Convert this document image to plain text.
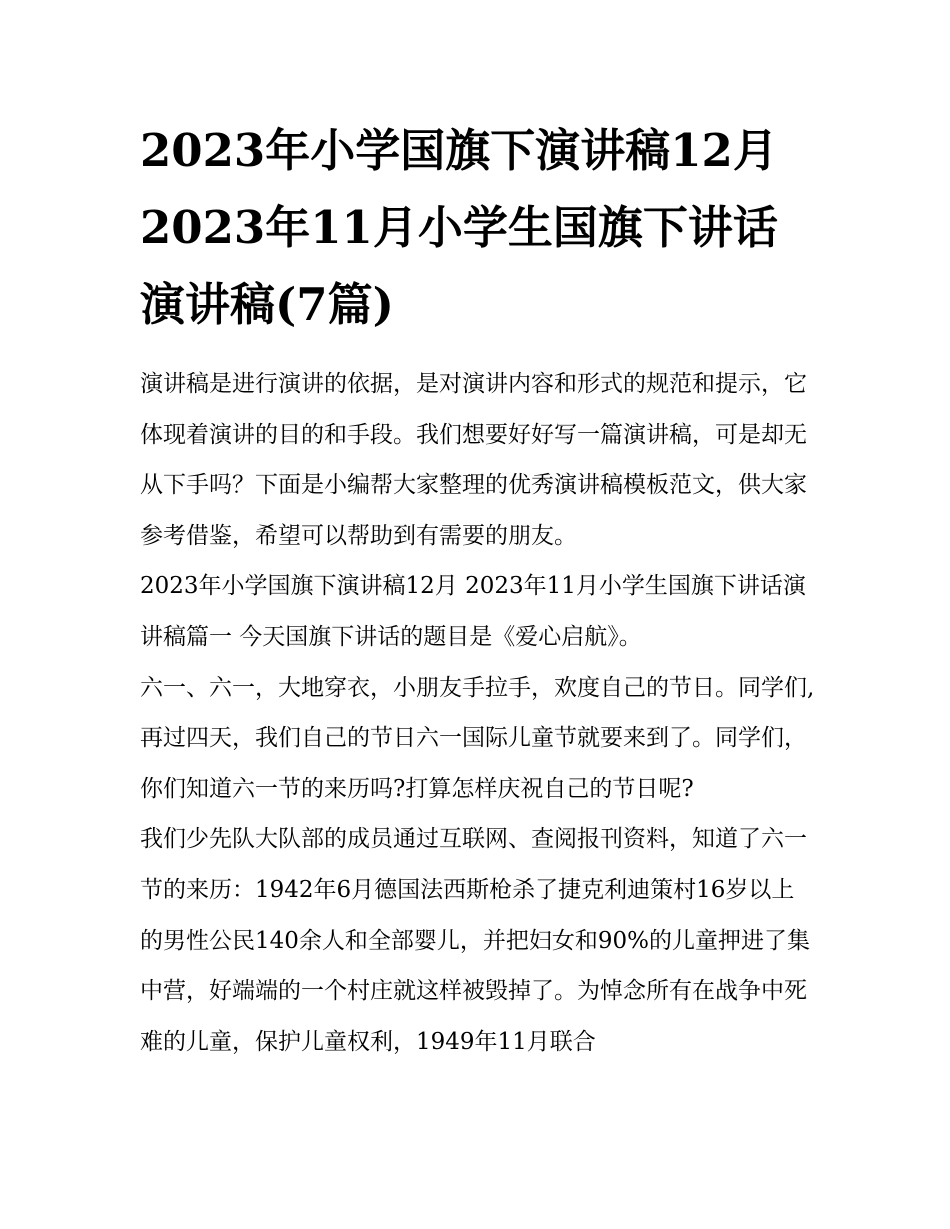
2023年小学国旗下演讲稿12月 2023年11月小学生国旗下讲话演讲稿(7篇)

演讲稿是进行演讲的依据，是对演讲内容和形式的规范和提示，它体现着演讲的目的和手段。我们想要好好写一篇演讲稿，可是却无从下手吗？下面是小编帮大家整理的优秀演讲稿模板范文，供大家参考借鉴，希望可以帮助到有需要的朋友。

2023年小学国旗下演讲稿12月 2023年11月小学生国旗下讲话演讲稿篇一 今天国旗下讲话的题目是《爱心启航》。

六一、六一，大地穿衣，小朋友手拉手，欢度自己的节日。同学们,再过四天，我们自己的节日六一国际儿童节就要来到了。同学们，你们知道六一节的来历吗?打算怎样庆祝自己的节日呢?

我们少先队大队部的成员通过互联网、查阅报刊资料，知道了六一节的来历：1942年6月德国法西斯枪杀了捷克利迪策村16岁以上的男性公民140余人和全部婴儿，并把妇女和90%的儿童押进了集中营，好端端的一个村庄就这样被毁掉了。为悼念所有在战争中死难的儿童，保护儿童权利，1949年11月联合
